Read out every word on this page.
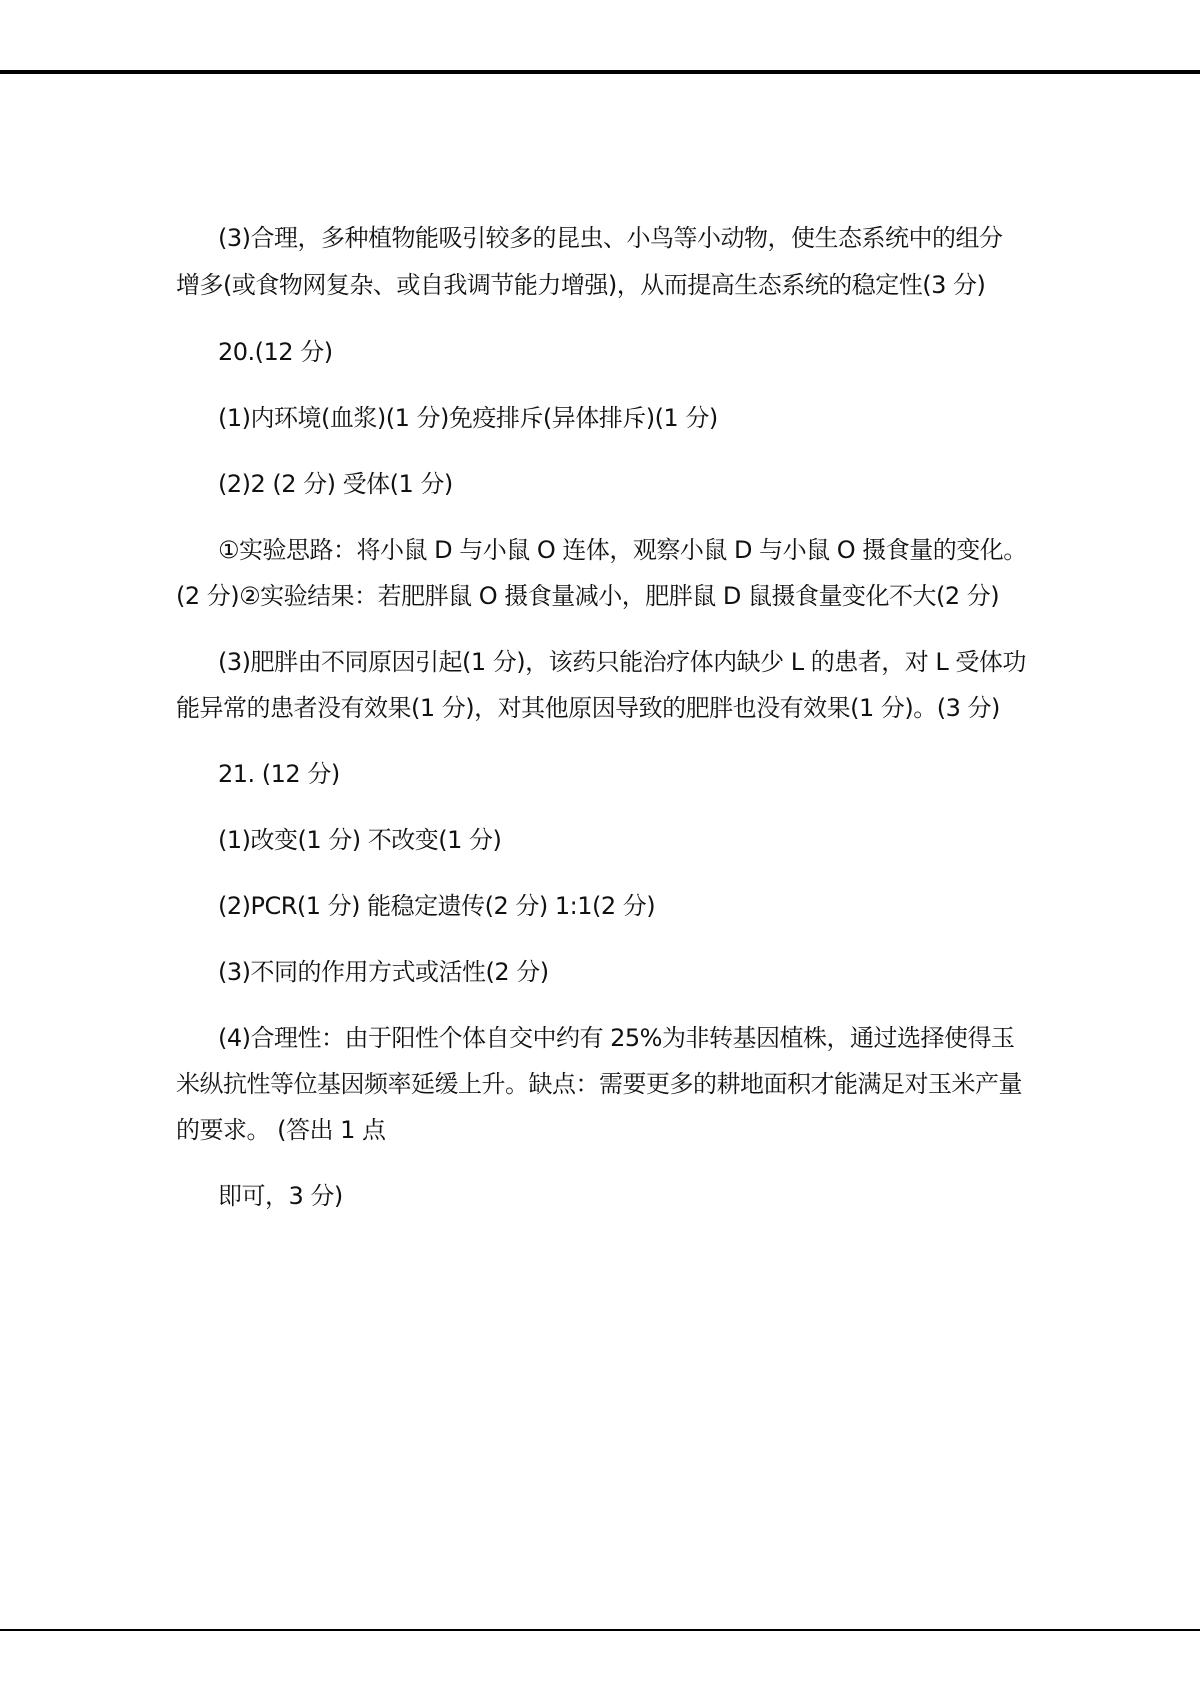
(3)合理，多种植物能吸引较多的昆虫、小鸟等小动物，使生态系统中的组分
增多(或食物网复杂、或自我调节能力增强)，从而提高生态系统的稳定性(3 分)
20.(12 分)
(1)内环境(血浆)(1 分)免疫排斥(异体排斥)(1 分)
(2)2 (2 分) 受体(1 分)
①实验思路：将小鼠 D 与小鼠 O 连体，观察小鼠 D 与小鼠 O 摄食量的变化。
(2 分)②实验结果：若肥胖鼠 O 摄食量减小，肥胖鼠 D 鼠摄食量变化不大(2 分)
(3)肥胖由不同原因引起(1 分)，该药只能治疗体内缺少 L 的患者，对 L 受体功
能异常的患者没有效果(1 分)，对其他原因导致的肥胖也没有效果(1 分)。(3 分)
21. (12 分)
(1)改变(1 分) 不改变(1 分)
(2)PCR(1 分) 能稳定遗传(2 分) 1:1(2 分)
(3)不同的作用方式或活性(2 分)
(4)合理性：由于阳性个体自交中约有 25%为非转基因植株，通过选择使得玉
米纵抗性等位基因频率延缓上升。缺点：需要更多的耕地面积才能满足对玉米产量
的要求。 (答出 1 点
即可，3 分)
